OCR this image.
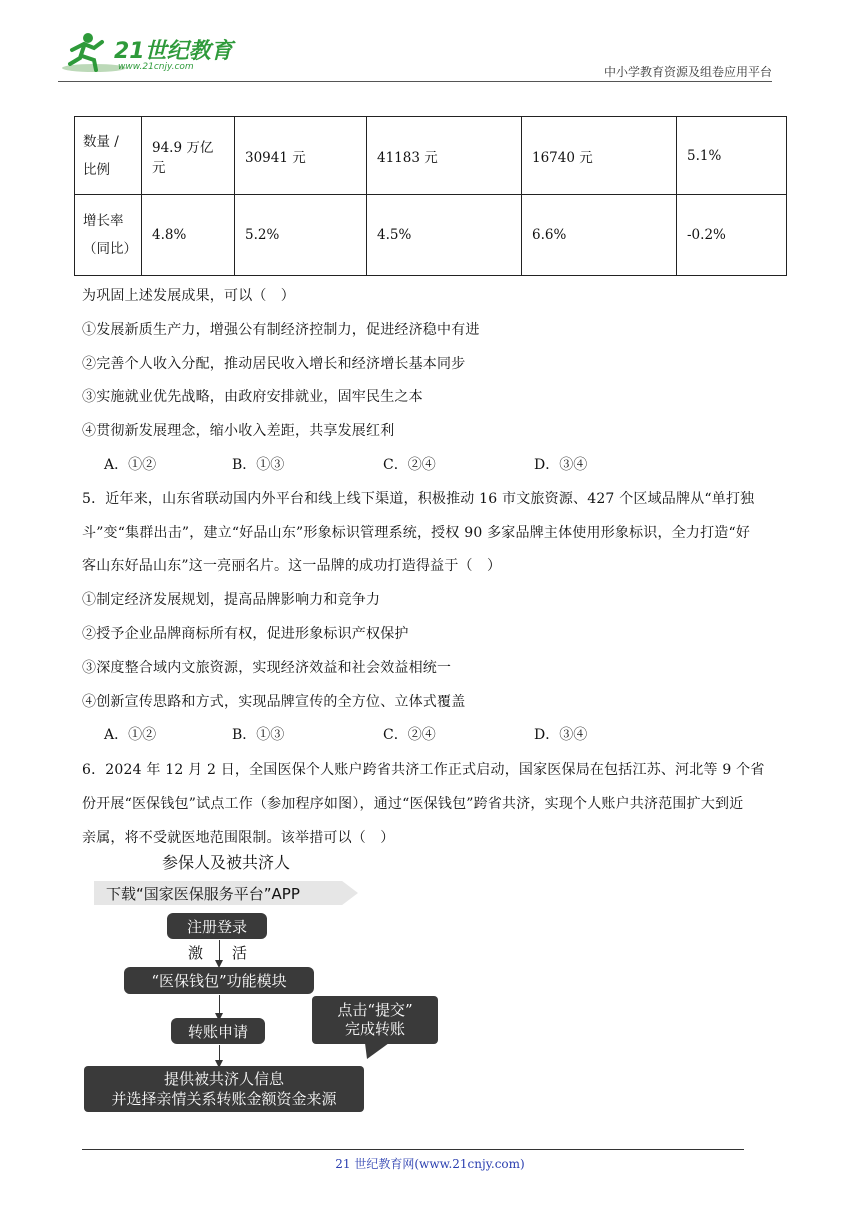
21世纪教育
www.21cnjy.com	中小学教育资源及组卷应用平台
数量 / 比例	94.9 万亿元	30941 元	41183 元	16740 元	5.1%
增长率（同比）	4.8%	5.2%	4.5%	6.6%	-0.2%
为巩固上述发展成果，可以（　）
①发展新质生产力，增强公有制经济控制力，促进经济稳中有进
②完善个人收入分配，推动居民收入增长和经济增长基本同步
③实施就业优先战略，由政府安排就业，固牢民生之本
④贯彻新发展理念，缩小收入差距，共享发展红利
A．①②	B．①③	C．②④	D．③④
5．近年来，山东省联动国内外平台和线上线下渠道，积极推动 16 市文旅资源、427 个区域品牌从“单打独
斗”变“集群出击”，建立“好品山东”形象标识管理系统，授权 90 多家品牌主体使用形象标识，全力打造“好
客山东好品山东”这一亮丽名片。这一品牌的成功打造得益于（　）
①制定经济发展规划，提高品牌影响力和竞争力
②授予企业品牌商标所有权，促进形象标识产权保护
③深度整合域内文旅资源，实现经济效益和社会效益相统一
④创新宣传思路和方式，实现品牌宣传的全方位、立体式覆盖
A．①②	B．①③	C．②④	D．③④
6．2024 年 12 月 2 日，全国医保个人账户跨省共济工作正式启动，国家医保局在包括江苏、河北等 9 个省
份开展“医保钱包”试点工作（参加程序如图），通过“医保钱包”跨省共济，实现个人账户共济范围扩大到近
亲属，将不受就医地范围限制。该举措可以（　）
参保人及被共济人
下载“国家医保服务平台”APP
注册登录
激 活
“医保钱包”功能模块
转账申请
提供被共济人信息
并选择亲情关系转账金额资金来源
点击“提交”
完成转账
21 世纪教育网(www.21cnjy.com)
